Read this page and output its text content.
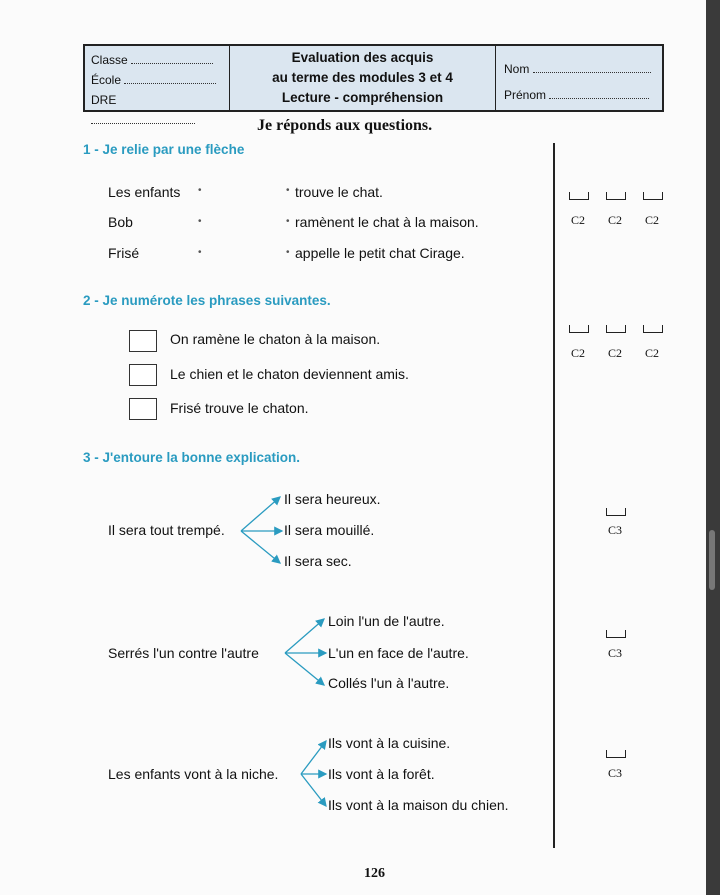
Classe
École
DRE
Evaluation des acquis
au terme des modules 3 et 4
Lecture - compréhension
Nom
Prénom
Je réponds aux questions.
1 - Je relie par une flèche
Les enfants
Bob
Frisé
•
•
•
•
•
•
trouve le chat.
ramènent le chat à la maison.
appelle le petit chat Cirage.
C2 C2 C2
2 - Je numérote les phrases suivantes.
On ramène le chaton à la maison.
Le chien et le chaton deviennent amis.
Frisé trouve le chaton.
C2 C2 C2
3 - J'entoure la bonne explication.
Il sera tout trempé.
Il sera heureux.
Il sera mouillé.
Il sera sec.
C3
Serrés l'un contre l'autre
Loin l'un de l'autre.
L'un en face de l'autre.
Collés l'un à l'autre.
C3
Les enfants vont à la niche.
Ils vont à la cuisine.
Ils vont à la forêt.
Ils vont à la maison du chien.
C3
126
